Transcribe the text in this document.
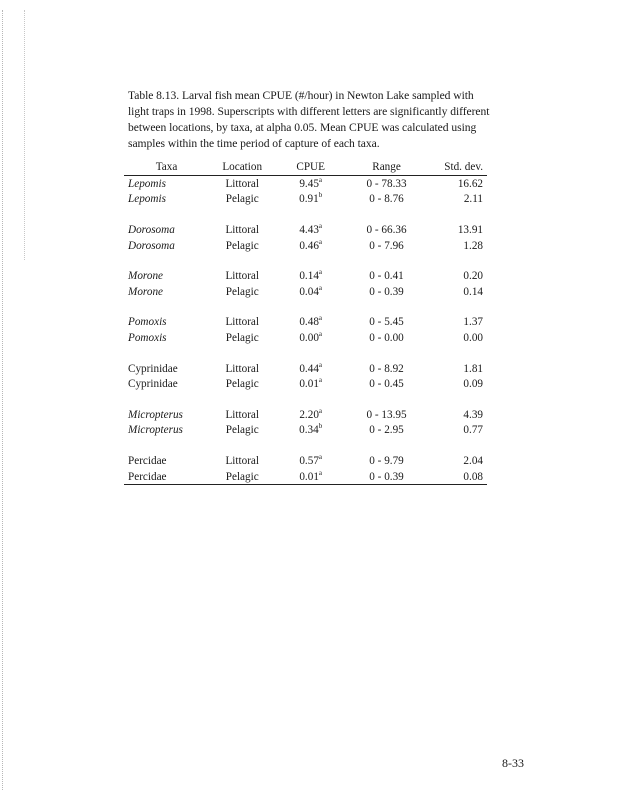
Table 8.13. Larval fish mean CPUE (#/hour) in Newton Lake sampled with light traps in 1998. Superscripts with different letters are significantly different between locations, by taxa, at alpha 0.05. Mean CPUE was calculated using samples within the time period of capture of each taxa.
Taxa	Location	CPUE	Range	Std. dev.
Lepomis	Littoral	9.45$^a$	0 - 78.33	16.62
Lepomis	Pelagic	0.91$^b$	0 - 8.76	2.11

Dorosoma	Littoral	4.43$^a$	0 - 66.36	13.91
Dorosoma	Pelagic	0.46$^a$	0 - 7.96	1.28

Morone	Littoral	0.14$^a$	0 - 0.41	0.20
Morone	Pelagic	0.04$^a$	0 - 0.39	0.14

Pomoxis	Littoral	0.48$^a$	0 - 5.45	1.37
Pomoxis	Pelagic	0.00$^a$	0 - 0.00	0.00

Cyprinidae	Littoral	0.44$^a$	0 - 8.92	1.81
Cyprinidae	Pelagic	0.01$^a$	0 - 0.45	0.09

Micropterus	Littoral	2.20$^a$	0 - 13.95	4.39
Micropterus	Pelagic	0.34$^b$	0 - 2.95	0.77

Percidae	Littoral	0.57$^a$	0 - 9.79	2.04
Percidae	Pelagic	0.01$^a$	0 - 0.39	0.08
8-33
